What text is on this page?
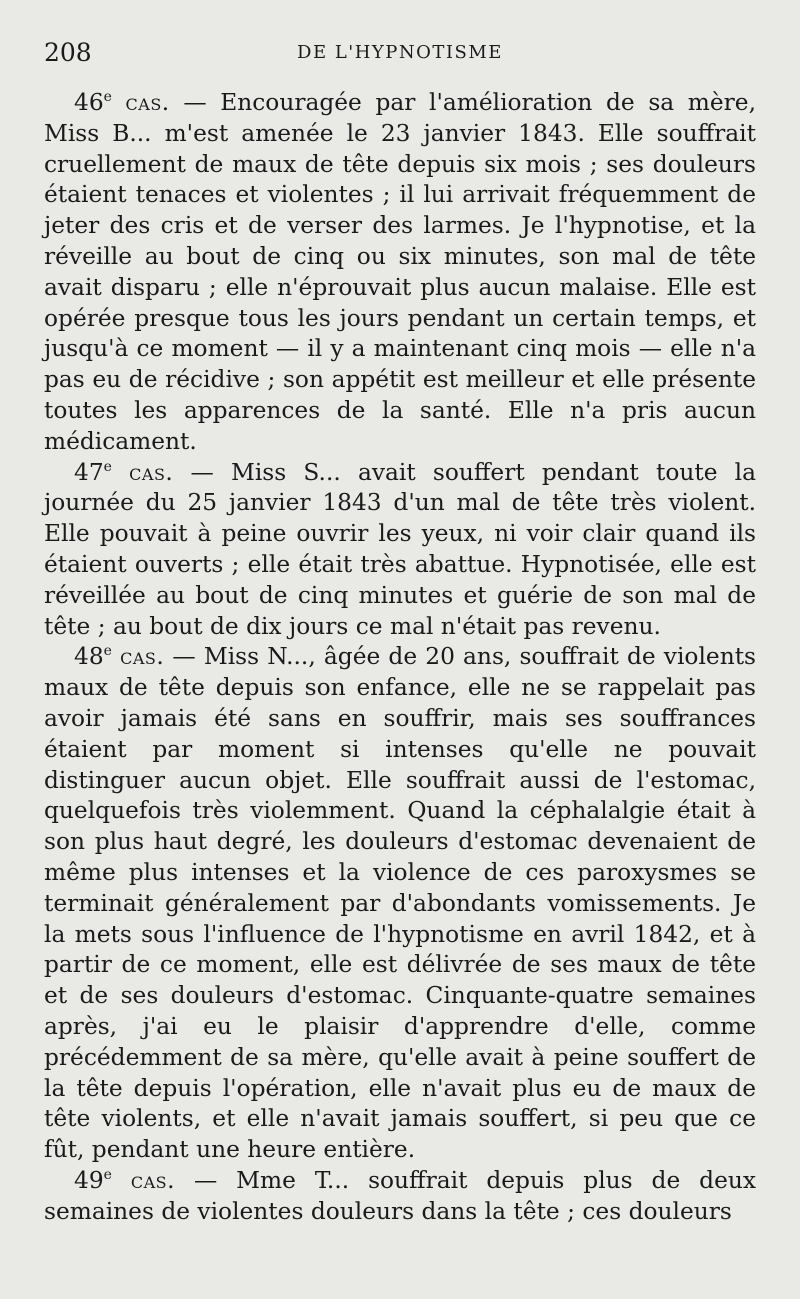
208	DE L'HYPNOTISME

46e cas. — Encouragée par l'amélioration de sa mère, Miss B... m'est amenée le 23 janvier 1843. Elle souffrait cruellement de maux de tête depuis six mois ; ses douleurs étaient tenaces et violentes ; il lui arrivait fréquemment de jeter des cris et de verser des larmes. Je l'hypnotise, et la réveille au bout de cinq ou six minutes, son mal de tête avait disparu ; elle n'éprouvait plus aucun malaise. Elle est opérée presque tous les jours pendant un certain temps, et jusqu'à ce moment — il y a maintenant cinq mois — elle n'a pas eu de récidive ; son appétit est meilleur et elle présente toutes les apparences de la santé. Elle n'a pris aucun médicament.

47e cas. — Miss S... avait souffert pendant toute la journée du 25 janvier 1843 d'un mal de tête très violent. Elle pouvait à peine ouvrir les yeux, ni voir clair quand ils étaient ouverts ; elle était très abattue. Hypnotisée, elle est réveillée au bout de cinq minutes et guérie de son mal de tête ; au bout de dix jours ce mal n'était pas revenu.

48e cas. — Miss N..., âgée de 20 ans, souffrait de violents maux de tête depuis son enfance, elle ne se rappelait pas avoir jamais été sans en souffrir, mais ses souffrances étaient par moment si intenses qu'elle ne pouvait distinguer aucun objet. Elle souffrait aussi de l'estomac, quelquefois très violemment. Quand la céphalalgie était à son plus haut degré, les douleurs d'estomac devenaient de même plus intenses et la violence de ces paroxysmes se terminait généralement par d'abondants vomissements. Je la mets sous l'influence de l'hypnotisme en avril 1842, et à partir de ce moment, elle est délivrée de ses maux de tête et de ses douleurs d'estomac. Cinquante-quatre semaines après, j'ai eu le plaisir d'apprendre d'elle, comme précédemment de sa mère, qu'elle avait à peine souffert de la tête depuis l'opération, elle n'avait plus eu de maux de tête violents, et elle n'avait jamais souffert, si peu que ce fût, pendant une heure entière.

49e cas. — Mme T... souffrait depuis plus de deux semaines de violentes douleurs dans la tête ; ces douleurs
